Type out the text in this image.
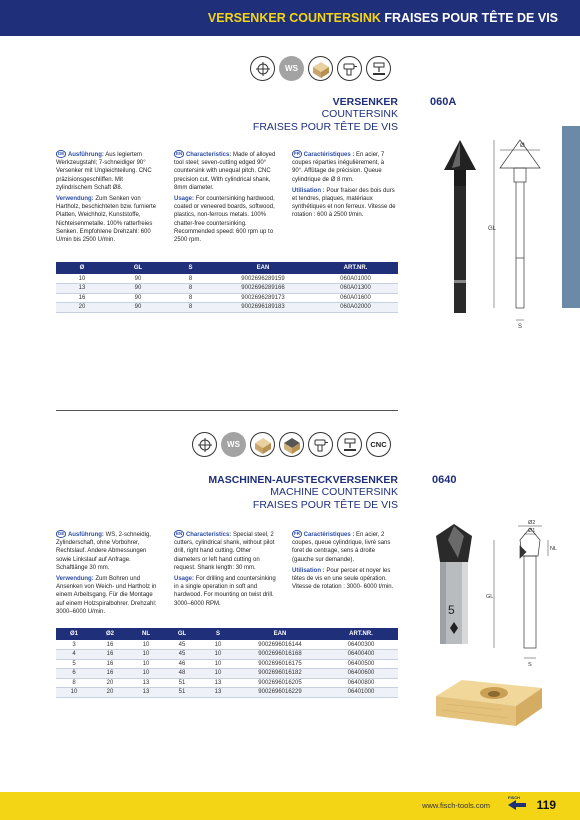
VERSENKER COUNTERSINK FRAISES POUR TÊTE DE VIS
WS
VERSENKER
COUNTERSINK
FRAISES POUR TÊTE DE VIS
060A

DE Ausführung: Aus legiertem Werkzeugstahl; 7-schneidiger 90° Versenker mit Ungleichteilung. CNC präzisionsgeschliffen. Mit zylindrischem Schaft Ø8.

Verwendung: Zum Senken von Hartholz, beschichteten bzw. furnierte Platten, Weichholz, Kunststoffe, Nichteisenmetalle. 100% ratterfreies Senken. Empfohlene Drehzahl: 600 U/min bis 2500 U/min.

EN Characteristics: Made of alloyed tool steel; seven-cutting edged 90° countersink with unequal pitch. CNC precision cut. With cylindrical shank, 8mm diameter.

Usage: For countersinking hardwood, coated or veneered boards, softwood, plastics, non-ferrous metals. 100% chatter-free countersinking. Recommended speed: 600 rpm up to 2500 rpm.

FR Caractéristiques : En acier, 7 coupes réparties inégulièrement, à 90°. Affûtage de précision. Queue cylindrique de Ø 8 mm.

Utilisation : Pour fraiser des bois durs et tendres, plaques, matériaux synthétiques et non ferreux. Vitesse de rotation : 600 à 2500 t/min.

Ø	GL	S	EAN	ART.NR.
10	90	8	9002696289159	060A01000
13	90	8	9002696289166	060A01300
16	90	8	9002696289173	060A01600
20	90	8	9002696189183	060A02000
Ø
GL
S
WS	CNC
MASCHINEN-AUFSTECKVERSENKER
MACHINE COUNTERSINK
FRAISES POUR TÊTE DE VIS
0640

DE Ausführung: WS, 2-schneidig, Zylinderschaft, ohne Vorbohrer, Rechtslauf. Andere Abmessungen sowie Linkslauf auf Anfrage. Schaftlänge 30 mm.

Verwendung: Zum Bohren und Ansenken von Weich- und Hartholz in einem Arbeitsgang. Für die Montage auf einem Holzspiralbohrer. Drehzahl: 3000–6000 U/min.

EN Characteristics: Special steel, 2 cutters, cylindrical shank, without pilot drill, right hand cutting. Other diameters or left hand cutting on request. Shank length: 30 mm.

Usage: For drilling and countersinking in a single operation in soft and hardwood. For mounting on twist drill. 3000–6000 RPM.

FR Caractéristiques : En acier, 2 coupes, queue cylindrique, livré sans foret de centrage, sens à droite (gauche sur demande).

Utilisation : Pour percer et noyer les têtes de vis en une seule opération. Vitesse de rotation : 3000- 6000 t/min.

Ø1	Ø2	NL	GL	S	EAN	ART.NR.
3	16	10	45	10	9002696016144	06400300
4	16	10	45	10	9002696016168	06400400
5	16	10	46	10	9002696016175	06400500
6	16	10	48	10	9002696016182	06400600
8	20	13	51	13	9002696016205	06400800
10	20	13	51	13	9002696016229	06401000
5
Ø2
Ø1
NL
GL
S
www.fisch-tools.com
FISCH
119
